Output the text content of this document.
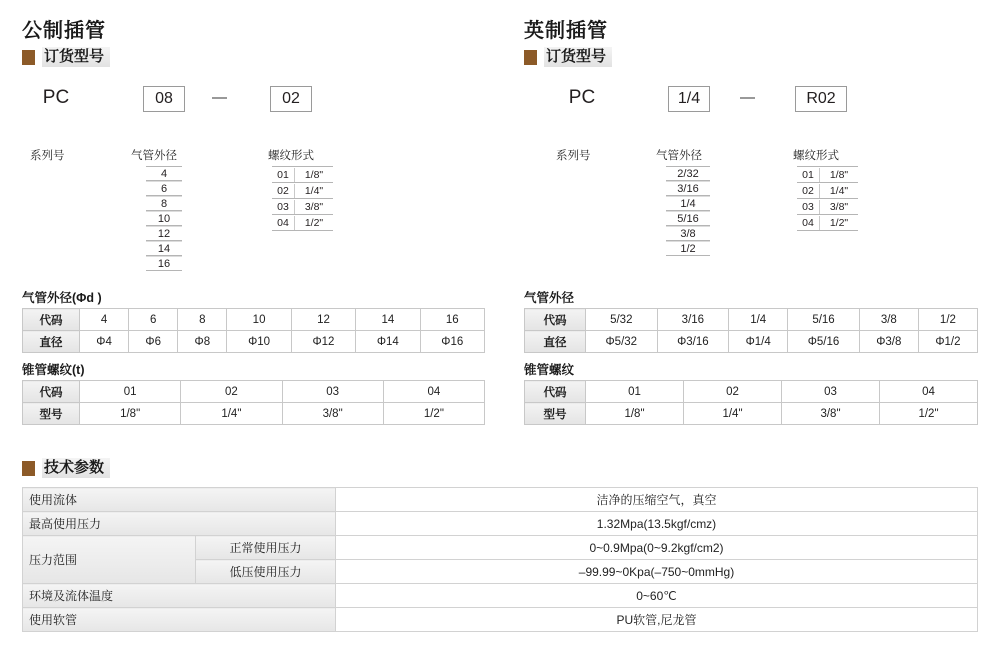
公制插管
订货型号
PC	08	—	02
系列号	气管外径	螺纹形式
4
6
8
10
12
14
16
01	1/8"
02	1/4"
03	3/8"
04	1/2"
气管外径(Φd )
代码	4	6	8	10	12	14	16
直径	Φ4	Φ6	Φ8	Φ10	Φ12	Φ14	Φ16
锥管螺纹(t)
代码	01	02	03	04
型号	1/8"	1/4"	3/8"	1/2"
英制插管
订货型号
PC	1/4	—	R02
系列号	气管外径	螺纹形式
2/32
3/16
1/4
5/16
3/8
1/2
01	1/8"
02	1/4"
03	3/8"
04	1/2"
气管外径
代码	5/32	3/16	1/4	5/16	3/8	1/2
直径	Φ5/32	Φ3/16	Φ1/4	Φ5/16	Φ3/8	Φ1/2
锥管螺纹
代码	01	02	03	04
型号	1/8"	1/4"	3/8"	1/2"
技术参数
使用流体		洁净的压缩空气，真空
最高使用压力		1.32Mpa(13.5kgf/cmz)
压力范围	正常使用压力	0~0.9Mpa(0~9.2kgf/cm2)
	低压使用压力	–99.99~0Kpa(–750~0mmHg)
环境及流体温度		0~60℃
使用软管		PU软管,尼龙管
